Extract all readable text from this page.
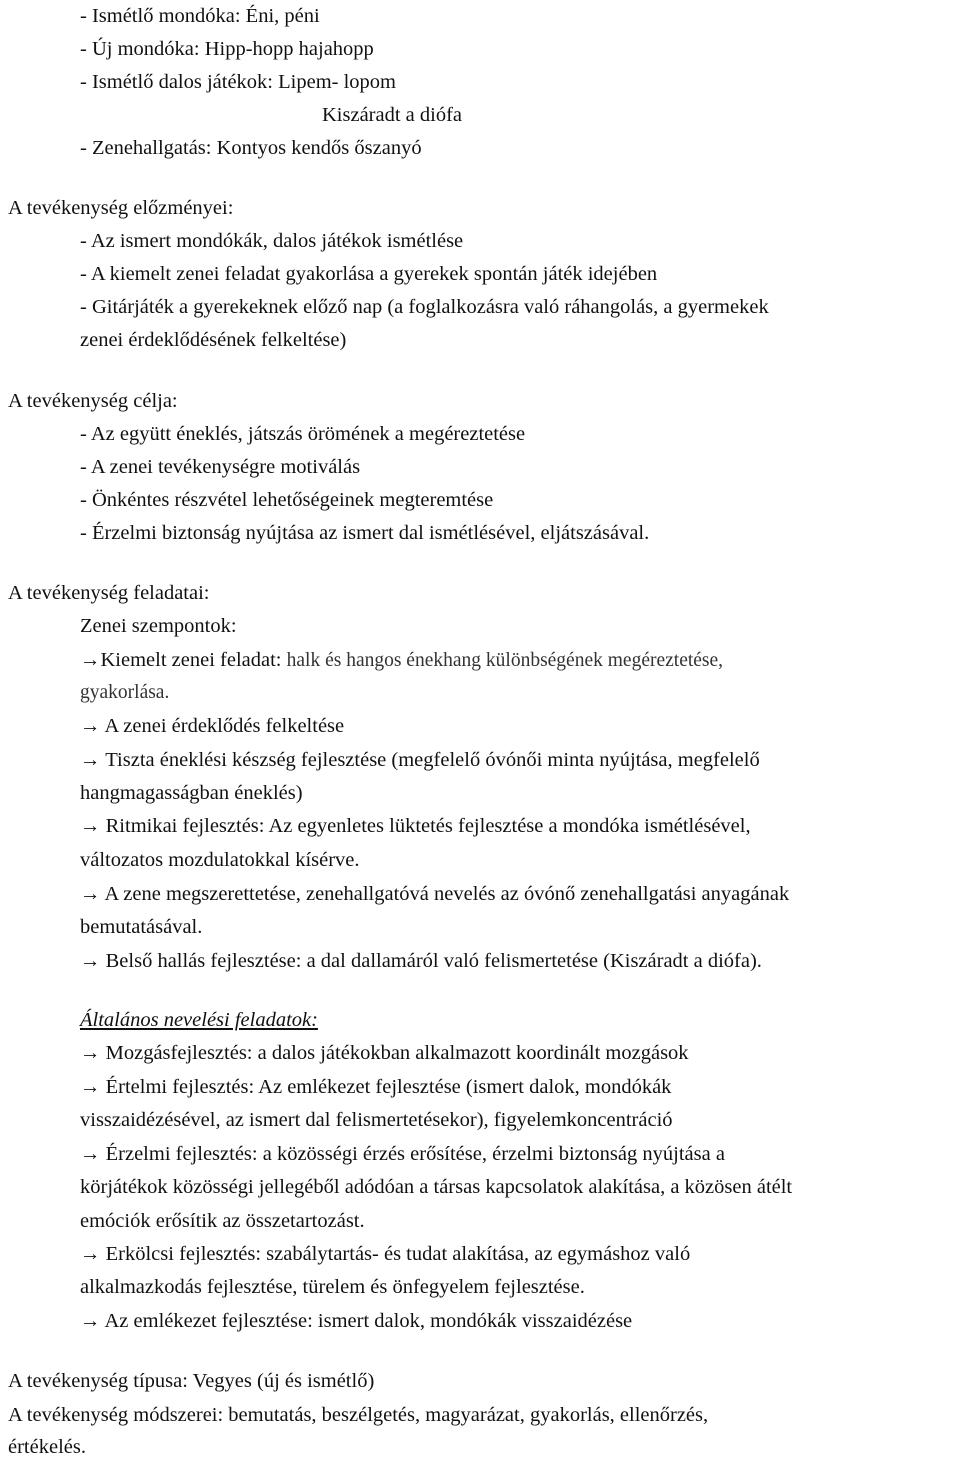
- Ismétlő mondóka: Éni, péni

- Új mondóka: Hipp-hopp hajahopp

- Ismétlő dalos játékok: Lipem- lopom

Kiszáradt a diófa

- Zenehallgatás: Kontyos kendős őszanyó

A tevékenység előzményei:

- Az ismert mondókák, dalos játékok ismétlése

- A kiemelt zenei feladat gyakorlása a gyerekek spontán játék idejében

- Gitárjáték a gyerekeknek előző nap (a foglalkozásra való ráhangolás, a gyermekek

zenei érdeklődésének felkeltése)

A tevékenység célja:

- Az együtt éneklés, játszás örömének a megéreztetése

- A zenei tevékenységre motiválás

- Önkéntes részvétel lehetőségeinek megteremtése

- Érzelmi biztonság nyújtása az ismert dal ismétlésével, eljátszásával.

A tevékenység feladatai:

Zenei szempontok:

→Kiemelt zenei feladat: halk és hangos énekhang különbségének megéreztetése,

gyakorlása.

→ A zenei érdeklődés felkeltése

→ Tiszta éneklési készség fejlesztése (megfelelő óvónői minta nyújtása, megfelelő

hangmagasságban éneklés)

→ Ritmikai fejlesztés: Az egyenletes lüktetés fejlesztése a mondóka ismétlésével,

változatos mozdulatokkal kísérve.

→ A zene megszerettetése, zenehallgatóvá nevelés az óvónő zenehallgatási anyagának

bemutatásával.

→ Belső hallás fejlesztése: a dal dallamáról való felismertetése (Kiszáradt a diófa).

Általános nevelési feladatok:

→ Mozgásfejlesztés: a dalos játékokban alkalmazott koordinált mozgások

→ Értelmi fejlesztés: Az emlékezet fejlesztése (ismert dalok, mondókák

visszaidézésével, az ismert dal felismertetésekor), figyelemkoncentráció

→ Érzelmi fejlesztés: a közösségi érzés erősítése, érzelmi biztonság nyújtása a

körjátékok közösségi jellegéből adódóan a társas kapcsolatok alakítása, a közösen átélt

emóciók erősítik az összetartozást.

→ Erkölcsi fejlesztés: szabálytartás- és tudat alakítása, az egymáshoz való

alkalmazkodás fejlesztése, türelem és önfegyelem fejlesztése.

→ Az emlékezet fejlesztése: ismert dalok, mondókák visszaidézése

A tevékenység típusa: Vegyes (új és ismétlő)

A tevékenység módszerei: bemutatás, beszélgetés, magyarázat, gyakorlás, ellenőrzés,

értékelés.
